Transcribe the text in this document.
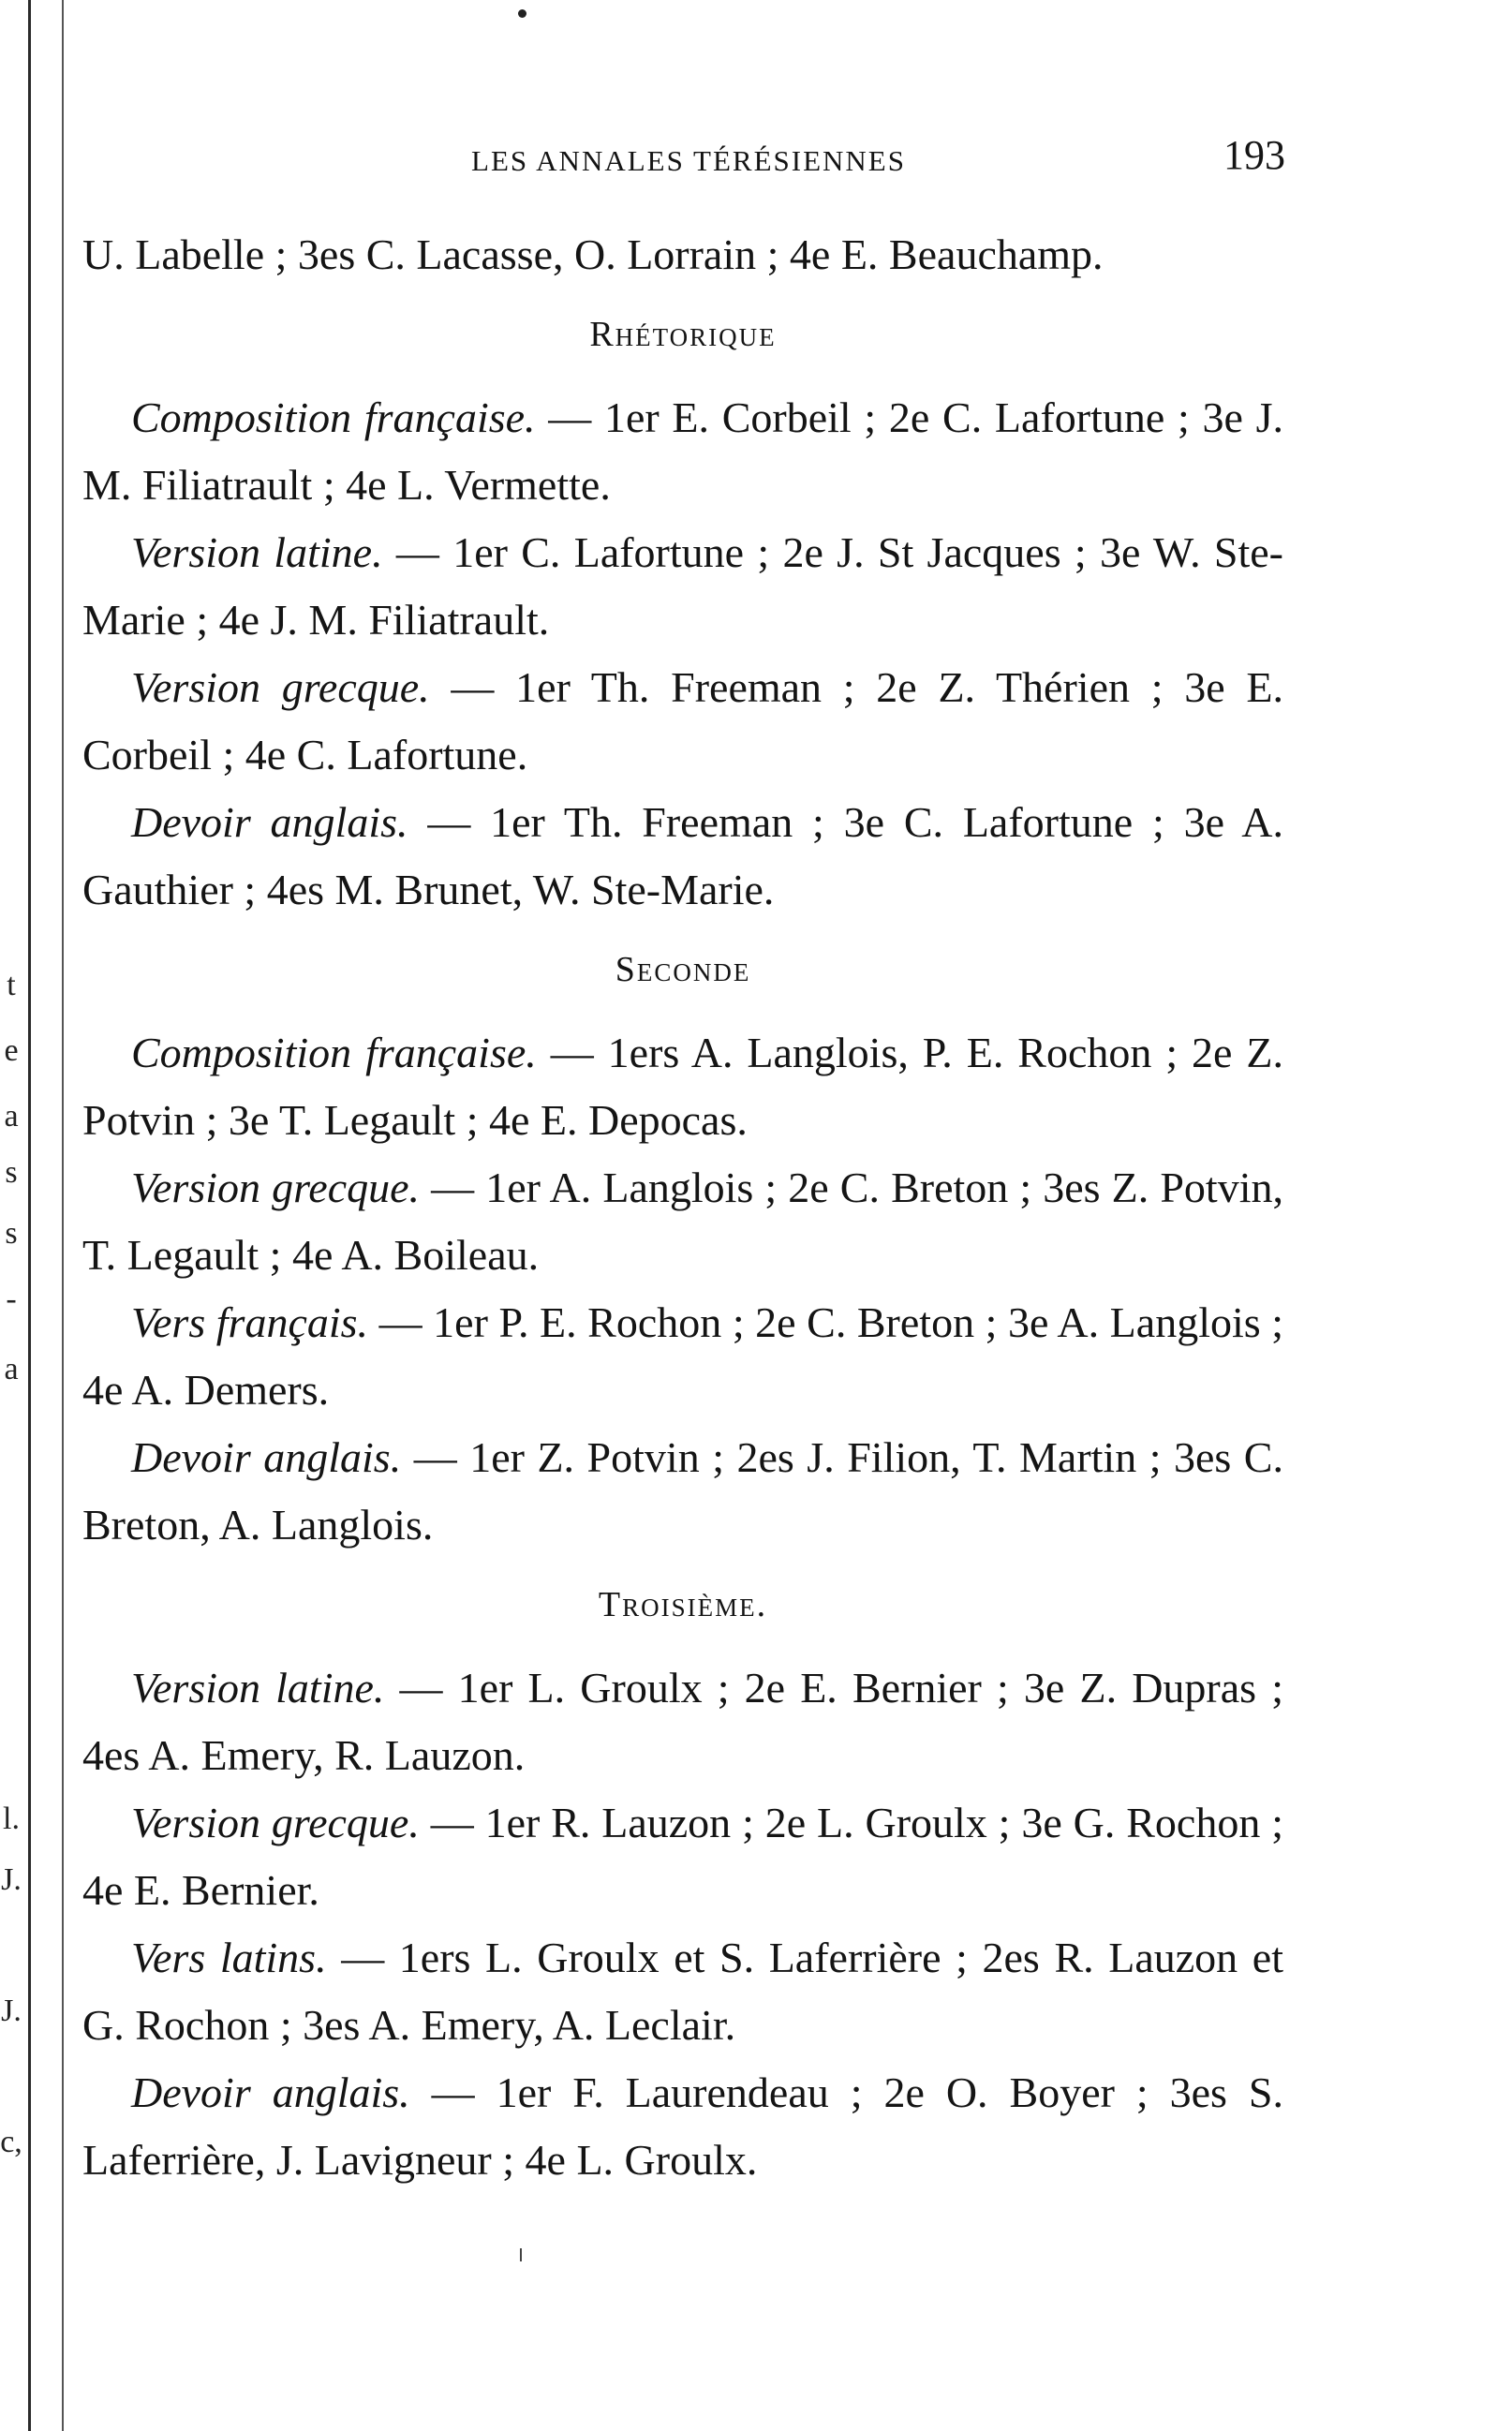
t
e
a
s
s
-
a
l.
J.
J.
c,
LES ANNALES TÉRÉSIENNES	193

U. Labelle ; 3es C. Lacasse, O. Lorrain ; 4e E. Beauchamp.

Rhétorique

Composition française. — 1er E. Corbeil ; 2e C. Lafortune ; 3e J. M. Filiatrault ; 4e L. Vermette.

Version latine. — 1er C. Lafortune ; 2e J. St Jacques ; 3e W. Ste-Marie ; 4e J. M. Filiatrault.

Version grecque. — 1er Th. Freeman ; 2e Z. Thérien ; 3e E. Corbeil ; 4e C. Lafortune.

Devoir anglais. — 1er Th. Freeman ; 3e C. Lafortune ; 3e A. Gauthier ; 4es M. Brunet, W. Ste-Marie.

Seconde

Composition française. — 1ers A. Langlois, P. E. Rochon ; 2e Z. Potvin ; 3e T. Legault ; 4e E. Depocas.

Version grecque. — 1er A. Langlois ; 2e C. Breton ; 3es Z. Potvin, T. Legault ; 4e A. Boileau.

Vers français. — 1er P. E. Rochon ; 2e C. Breton ; 3e A. Langlois ; 4e A. Demers.

Devoir anglais. — 1er Z. Potvin ; 2es J. Filion, T. Martin ; 3es C. Breton, A. Langlois.

Troisième.

Version latine. — 1er L. Groulx ; 2e E. Bernier ; 3e Z. Dupras ; 4es A. Emery, R. Lauzon.

Version grecque. — 1er R. Lauzon ; 2e L. Groulx ; 3e G. Rochon ; 4e E. Bernier.

Vers latins. — 1ers L. Groulx et S. Laferrière ; 2es R. Lauzon et G. Rochon ; 3es A. Emery, A. Leclair.

Devoir anglais. — 1er F. Laurendeau ; 2e O. Boyer ; 3es S. Laferrière, J. Lavigneur ; 4e L. Groulx.
